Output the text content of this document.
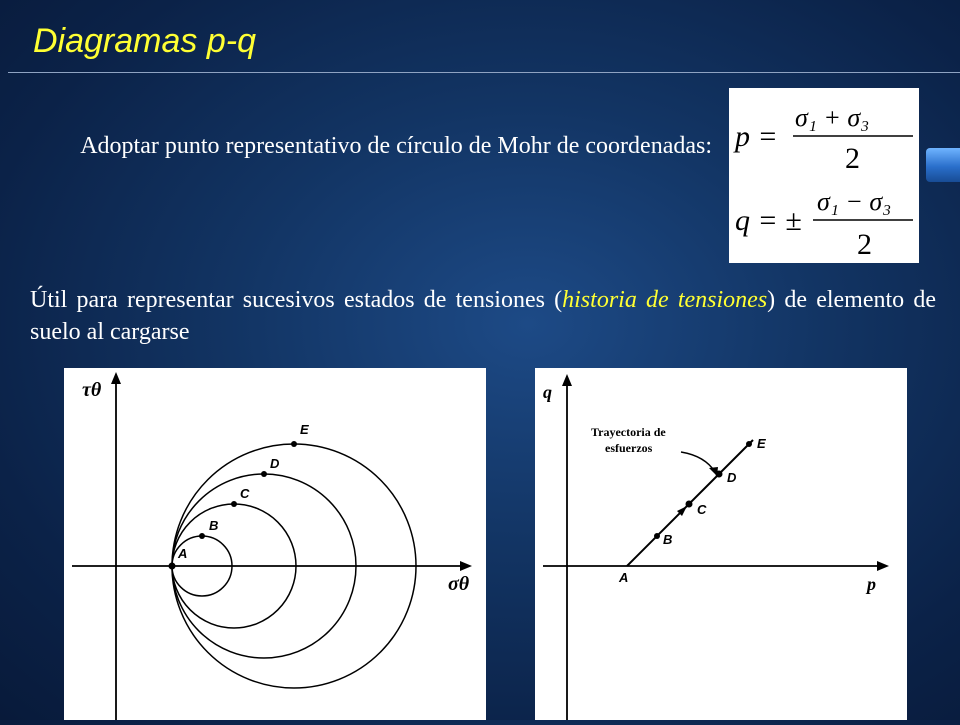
Diagramas p-q
Adoptar punto representativo de círculo de Mohr de coordenadas: p =
σ₁ + σ₃
2
q = ±
σ₁ − σ₃
2
Útil para representar sucesivos estados de tensiones (historia de tensiones) de elemento de suelo al cargarse
A
B
C
D
E
τθ
σθ	A
B
C
D
E
Trayectoria de
esfuerzos
q
p
